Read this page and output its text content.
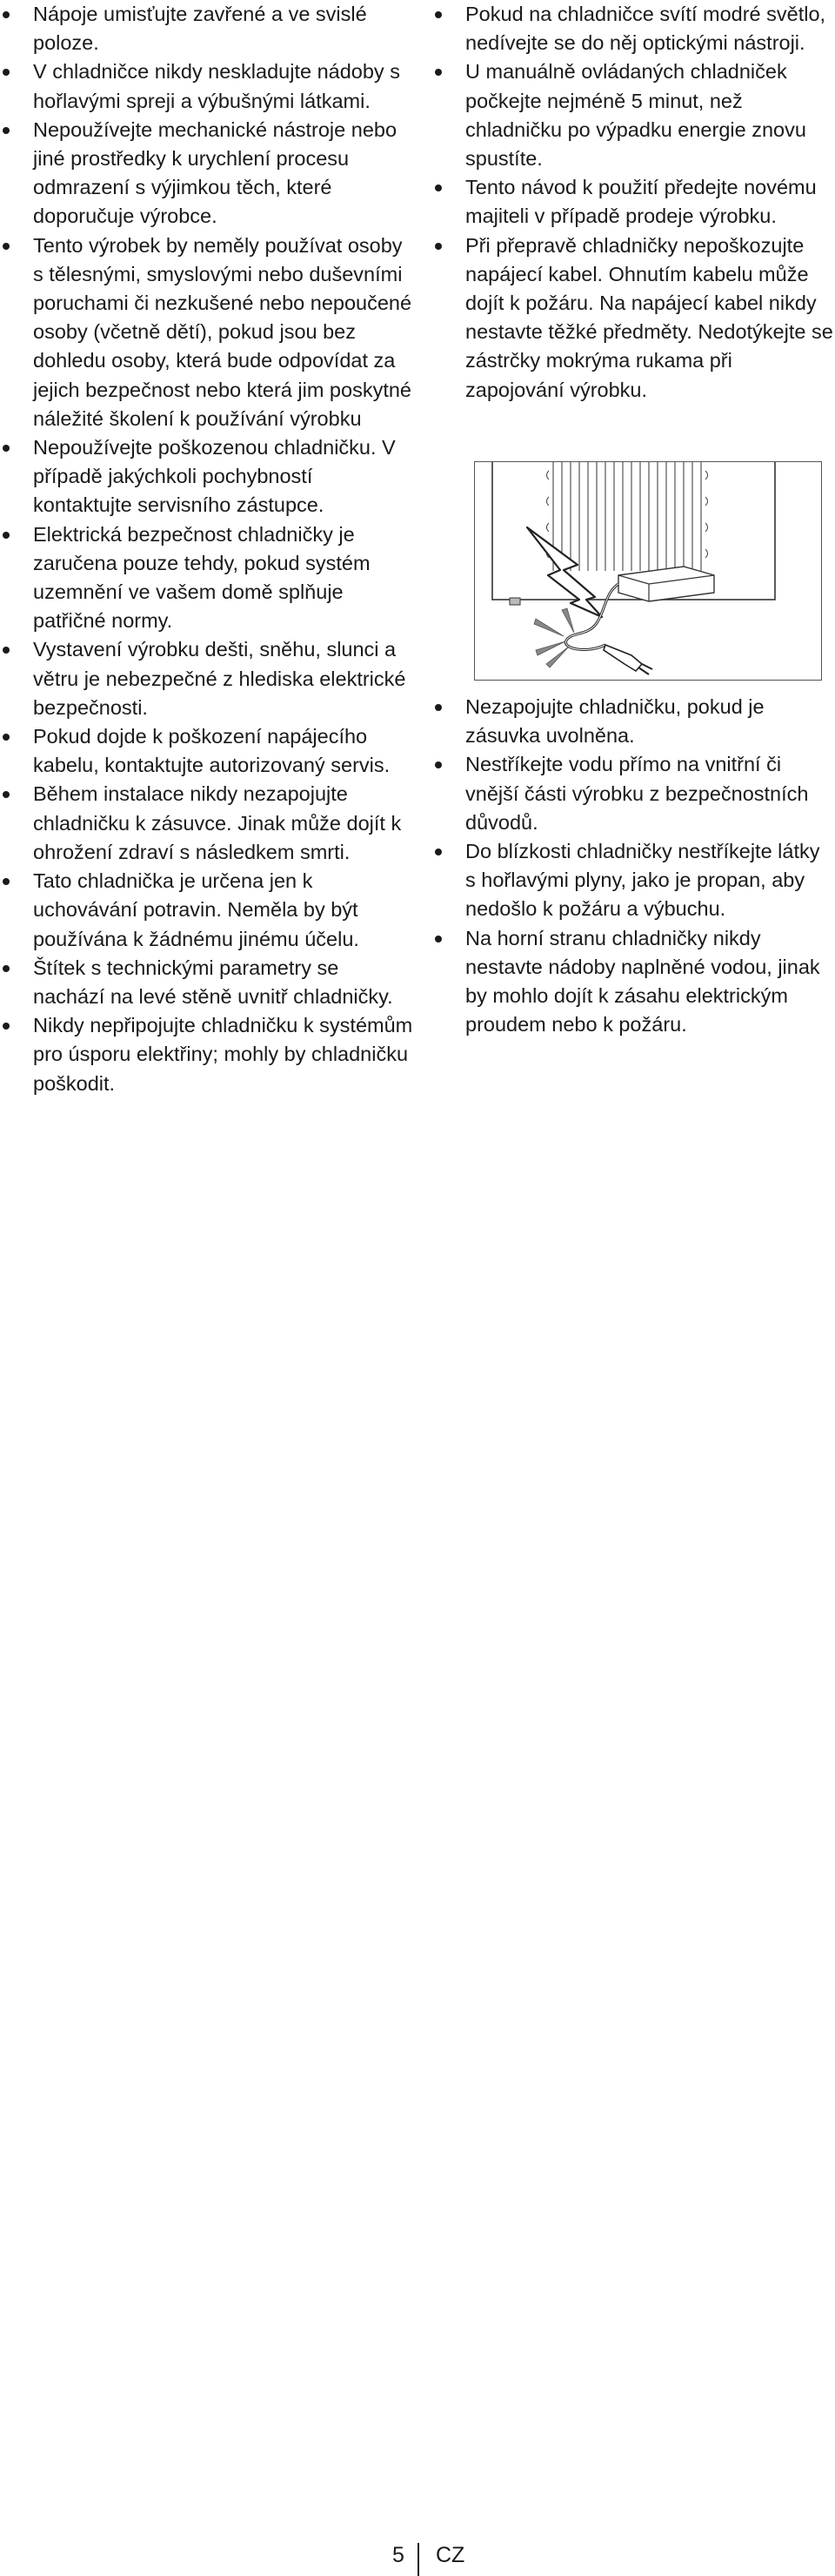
Nápoje umisťujte zavřené a ve svislé poloze.
V chladničce nikdy neskladujte nádoby s hořlavými spreji a výbušnými látkami.
Nepoužívejte mechanické nástroje nebo jiné prostředky k urychlení procesu odmrazení s výjimkou těch, které doporučuje výrobce.
Tento výrobek by neměly používat osoby s tělesnými, smyslovými nebo duševními poruchami či nezkušené nebo nepoučené osoby (včetně dětí), pokud jsou bez dohledu osoby, která bude odpovídat za jejich bezpečnost nebo která jim poskytné náležité školení k používání výrobku
Nepoužívejte poškozenou chladničku. V případě jakýchkoli pochybností kontaktujte servisního zástupce.
Elektrická bezpečnost chladničky je zaručena pouze tehdy, pokud systém uzemnění ve vašem domě splňuje patřičné normy.
Vystavení výrobku dešti, sněhu, slunci a větru je nebezpečné z hlediska elektrické bezpečnosti.
Pokud dojde k poškození napájecího kabelu, kontaktujte autorizovaný servis.
Během instalace nikdy nezapojujte chladničku k zásuvce. Jinak může dojít k ohrožení zdraví s následkem smrti.
Tato chladnička je určena jen k uchovávání potravin. Neměla by být používána k žádnému jinému účelu.
Štítek s technickými parametry se nachází na levé stěně uvnitř chladničky.
Nikdy nepřipojujte chladničku k systémům pro úsporu elektřiny; mohly by chladničku poškodit.
Pokud na chladničce svítí modré světlo, nedívejte se do něj optickými nástroji.
U manuálně ovládaných chladniček počkejte nejméně 5 minut, než chladničku po výpadku energie znovu spustíte.
Tento návod k použití předejte novému majiteli v případě prodeje výrobku.
Při přepravě chladničky nepoškozujte napájecí kabel. Ohnutím kabelu může dojít k požáru. Na napájecí kabel nikdy nestavte těžké předměty. Nedotýkejte se zástrčky mokrýma rukama při zapojování výrobku.
Nezapojujte chladničku, pokud je zásuvka uvolněna.
Nestříkejte vodu přímo na vnitřní či vnější části výrobku z bezpečnostních důvodů.
Do blízkosti chladničky nestříkejte látky s hořlavými plyny, jako je propan, aby nedošlo k požáru a výbuchu.
Na horní stranu chladničky nikdy nestavte nádoby naplněné vodou, jinak by mohlo dojít k zásahu elektrickým proudem nebo k požáru.
5 CZ
